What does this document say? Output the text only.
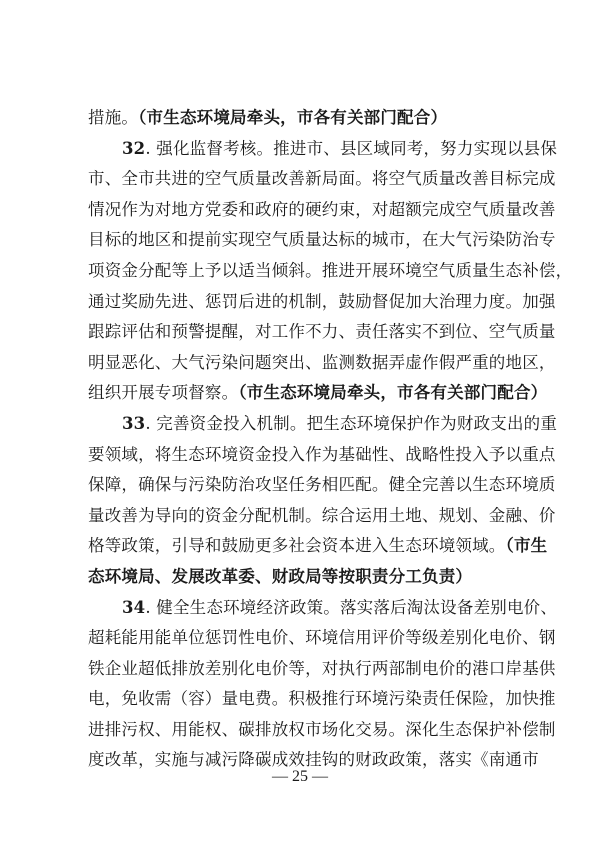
措施。（市生态环境局牵头，市各有关部门配合）
32. 强化监督考核。推进市、县区域同考，努力实现以县保
市、全市共进的空气质量改善新局面。将空气质量改善目标完成
情况作为对地方党委和政府的硬约束，对超额完成空气质量改善
目标的地区和提前实现空气质量达标的城市，在大气污染防治专
项资金分配等上予以适当倾斜。推进开展环境空气质量生态补偿，
通过奖励先进、惩罚后进的机制，鼓励督促加大治理力度。加强
跟踪评估和预警提醒，对工作不力、责任落实不到位、空气质量
明显恶化、大气污染问题突出、监测数据弄虚作假严重的地区，
组织开展专项督察。（市生态环境局牵头，市各有关部门配合）
33. 完善资金投入机制。把生态环境保护作为财政支出的重
要领域，将生态环境资金投入作为基础性、战略性投入予以重点
保障，确保与污染防治攻坚任务相匹配。健全完善以生态环境质
量改善为导向的资金分配机制。综合运用土地、规划、金融、价
格等政策，引导和鼓励更多社会资本进入生态环境领域。（市生
态环境局、发展改革委、财政局等按职责分工负责）
34. 健全生态环境经济政策。落实落后淘汰设备差别电价、
超耗能用能单位惩罚性电价、环境信用评价等级差别化电价、钢
铁企业超低排放差别化电价等，对执行两部制电价的港口岸基供
电，免收需（容）量电费。积极推行环境污染责任保险，加快推
进排污权、用能权、碳排放权市场化交易。深化生态保护补偿制
度改革，实施与减污降碳成效挂钩的财政政策，落实《南通市
— 25 —
